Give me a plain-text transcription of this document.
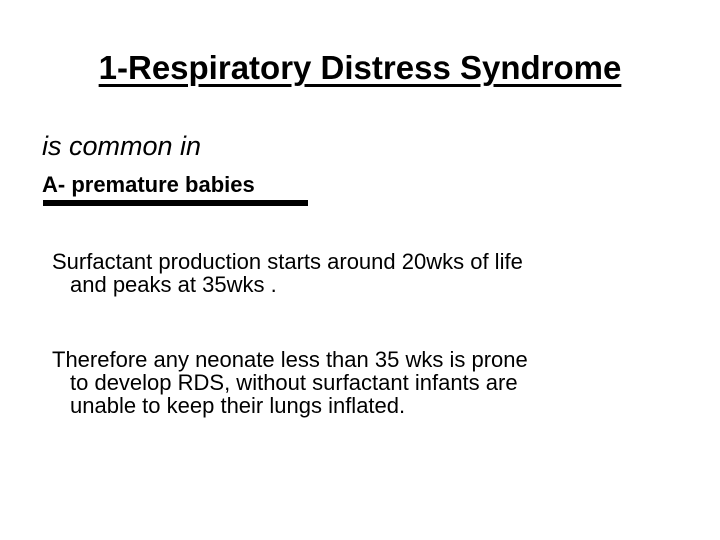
1-Respiratory Distress Syndrome
is common in
A- premature babies
Surfactant production starts around 20wks of life
and peaks at 35wks .
Therefore any neonate less than 35 wks is prone
to develop RDS, without surfactant infants are
unable to keep their lungs inflated.
